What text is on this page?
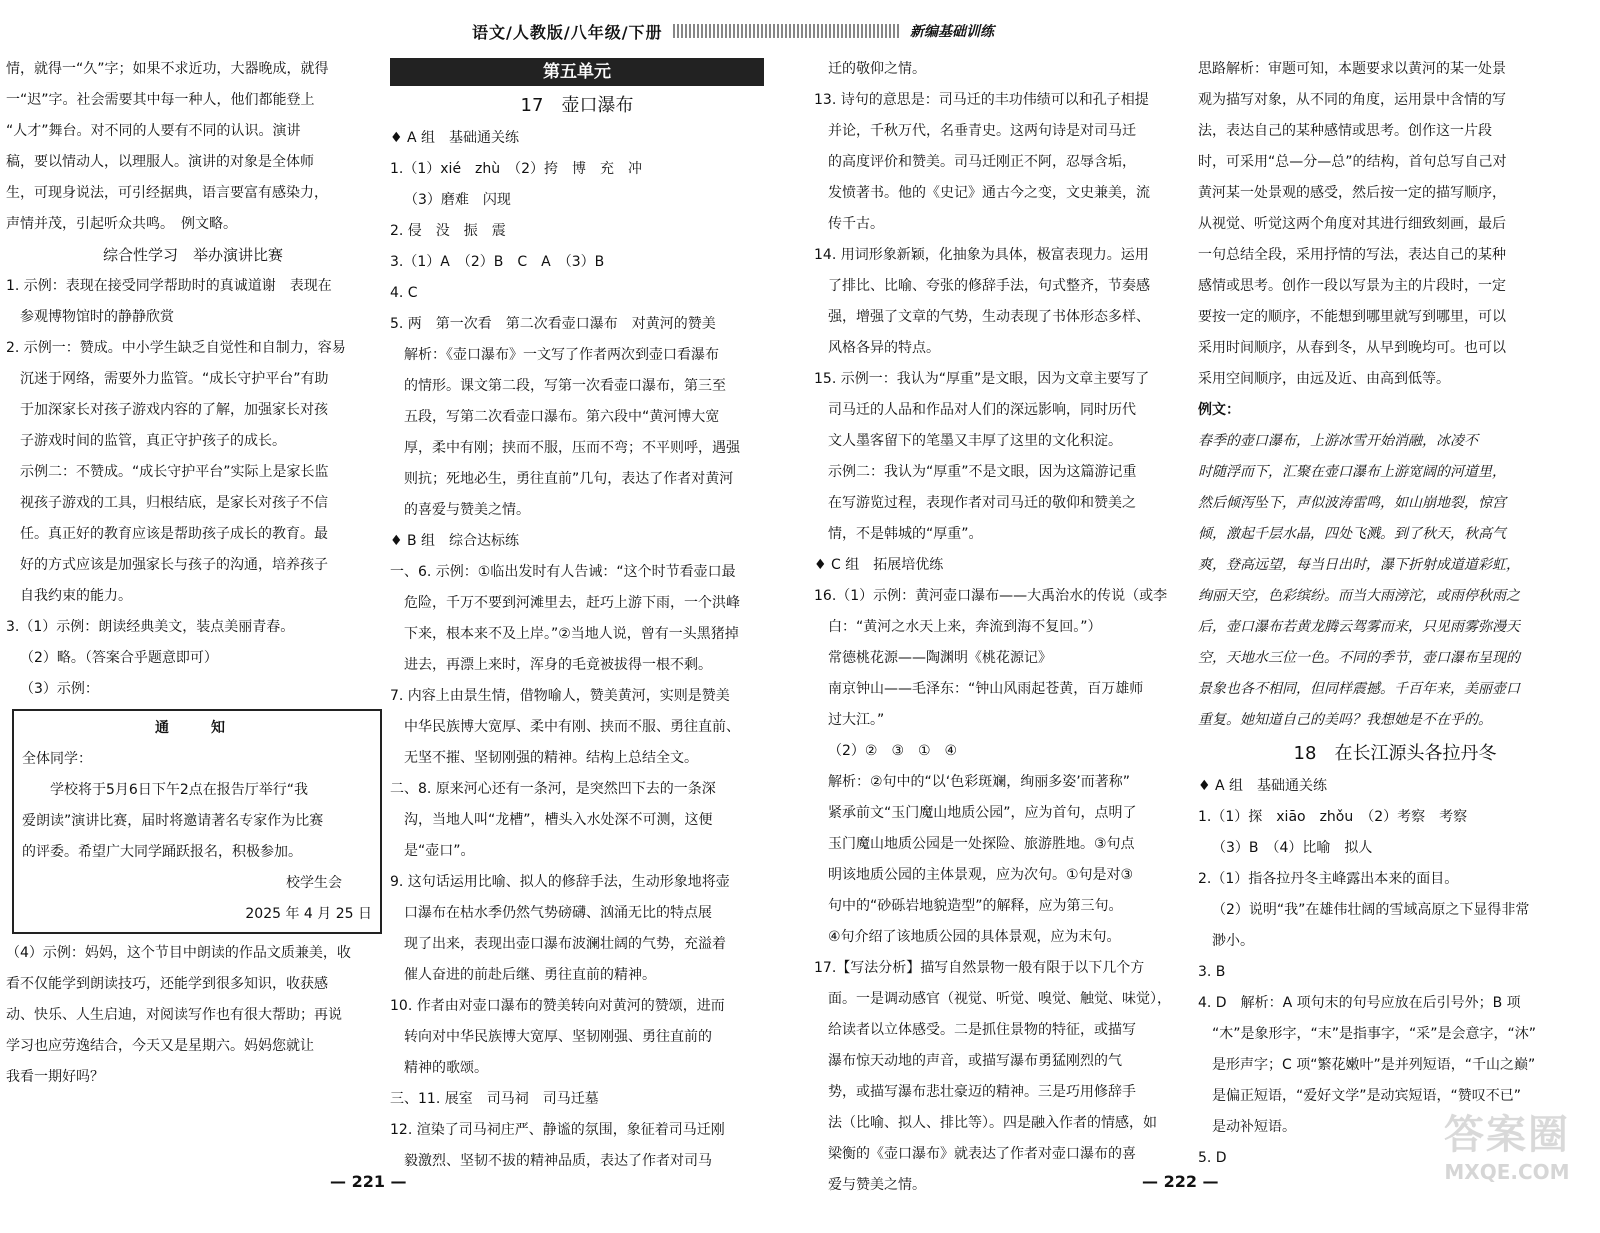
语文/人教版/八年级/下册	新编基础训练

情，就得一“久”字；如果不求近功，大器晚成，就得

一“迟”字。社会需要其中每一种人，他们都能登上

“人才”舞台。对不同的人要有不同的认识。演讲

稿，要以情动人，以理服人。演讲的对象是全体师

生，可现身说法，可引经据典，语言要富有感染力，

声情并茂，引起听众共鸣。　例文略。

综合性学习　举办演讲比赛

1. 示例：表现在接受同学帮助时的真诚道谢　表现在

参观博物馆时的静静欣赏

2. 示例一：赞成。中小学生缺乏自觉性和自制力，容易

沉迷于网络，需要外力监管。“成长守护平台”有助

于加深家长对孩子游戏内容的了解，加强家长对孩

子游戏时间的监管，真正守护孩子的成长。

示例二：不赞成。“成长守护平台”实际上是家长监

视孩子游戏的工具，归根结底，是家长对孩子不信

任。真正好的教育应该是帮助孩子成长的教育。最

好的方式应该是加强家长与孩子的沟通，培养孩子

自我约束的能力。

3.（1）示例：朗读经典美文，装点美丽青春。

（2）略。（答案合乎题意即可）

（3）示例：

通　知

全体同学：

学校将于5月6日下午2点在报告厅举行“我

爱朗读”演讲比赛，届时将邀请著名专家作为比赛

的评委。希望广大同学踊跃报名，积极参加。

校学生会

2025 年 4 月 25 日

（4）示例：妈妈，这个节目中朗读的作品文质兼美，收

看不仅能学到朗读技巧，还能学到很多知识，收获感

动、快乐、人生启迪，对阅读写作也有很大帮助；再说

学习也应劳逸结合，今天又是星期六。妈妈您就让

我看一期好吗？

第五单元
17　壶口瀑布

♦ A 组　基础通关练

1.（1）xié　zhù　（2）挎　博　充　冲

（3）磨难　闪现

2. 侵　没　振　震

3.（1）A　（2）B　C　A　（3）B

4. C

5. 两　第一次看　第二次看壶口瀑布　对黄河的赞美

解析：《壶口瀑布》一文写了作者两次到壶口看瀑布

的情形。课文第二段，写第一次看壶口瀑布，第三至

五段，写第二次看壶口瀑布。第六段中“黄河博大宽

厚，柔中有刚；挟而不服，压而不弯；不平则呼，遇强

则抗；死地必生，勇往直前”几句，表达了作者对黄河

的喜爱与赞美之情。

♦ B 组　综合达标练

一、6. 示例：①临出发时有人告诫：“这个时节看壶口最

危险，千万不要到河滩里去，赶巧上游下雨，一个洪峰

下来，根本来不及上岸。”②当地人说，曾有一头黑猪掉

进去，再漂上来时，浑身的毛竟被拔得一根不剩。

7. 内容上由景生情，借物喻人，赞美黄河，实则是赞美

中华民族博大宽厚、柔中有刚、挟而不服、勇往直前、

无坚不摧、坚韧刚强的精神。结构上总结全文。

二、8. 原来河心还有一条河，是突然凹下去的一条深

沟，当地人叫“龙槽”，槽头入水处深不可测，这便

是“壶口”。

9. 这句话运用比喻、拟人的修辞手法，生动形象地将壶

口瀑布在枯水季仍然气势磅礴、汹涌无比的特点展

现了出来，表现出壶口瀑布波澜壮阔的气势，充溢着

催人奋进的前赴后继、勇往直前的精神。

10. 作者由对壶口瀑布的赞美转向对黄河的赞颂，进而

转向对中华民族博大宽厚、坚韧刚强、勇往直前的

精神的歌颂。

三、11. 展室　司马祠　司马迁墓

12. 渲染了司马祠庄严、静谧的氛围，象征着司马迁刚

毅激烈、坚韧不拔的精神品质，表达了作者对司马

迁的敬仰之情。

13. 诗句的意思是：司马迁的丰功伟绩可以和孔子相提

并论，千秋万代，名垂青史。这两句诗是对司马迁

的高度评价和赞美。司马迁刚正不阿，忍辱含垢，

发愤著书。他的《史记》通古今之变，文史兼美，流

传千古。

14. 用词形象新颖，化抽象为具体，极富表现力。运用

了排比、比喻、夸张的修辞手法，句式整齐，节奏感

强，增强了文章的气势，生动表现了书体形态多样、

风格各异的特点。

15. 示例一：我认为“厚重”是文眼，因为文章主要写了

司马迁的人品和作品对人们的深远影响，同时历代

文人墨客留下的笔墨又丰厚了这里的文化积淀。

示例二：我认为“厚重”不是文眼，因为这篇游记重

在写游览过程，表现作者对司马迁的敬仰和赞美之

情，不是韩城的“厚重”。

♦ C 组　拓展培优练

16.（1）示例：黄河壶口瀑布——大禹治水的传说（或李

白：“黄河之水天上来，奔流到海不复回。”）

常德桃花源——陶渊明《桃花源记》

南京钟山——毛泽东：“钟山风雨起苍黄，百万雄师

过大江。”

（2）②　③　①　④

解析：②句中的“以‘色彩斑斓，绚丽多姿’而著称”

紧承前文“玉门魔山地质公园”，应为首句，点明了

玉门魔山地质公园是一处探险、旅游胜地。③句点

明该地质公园的主体景观，应为次句。①句是对③

句中的“砂砾岩地貌造型”的解释，应为第三句。

④句介绍了该地质公园的具体景观，应为末句。

17.【写法分析】描写自然景物一般有限于以下几个方

面。一是调动感官（视觉、听觉、嗅觉、触觉、味觉），

给读者以立体感受。二是抓住景物的特征，或描写

瀑布惊天动地的声音，或描写瀑布勇猛刚烈的气

势，或描写瀑布悲壮豪迈的精神。三是巧用修辞手

法（比喻、拟人、排比等）。四是融入作者的情感，如

梁衡的《壶口瀑布》就表达了作者对壶口瀑布的喜

爱与赞美之情。

思路解析：审题可知，本题要求以黄河的某一处景

观为描写对象，从不同的角度，运用景中含情的写

法，表达自己的某种感情或思考。创作这一片段

时，可采用“总—分—总”的结构，首句总写自己对

黄河某一处景观的感受，然后按一定的描写顺序，

从视觉、听觉这两个角度对其进行细致刻画，最后

一句总结全段，采用抒情的写法，表达自己的某种

感情或思考。创作一段以写景为主的片段时，一定

要按一定的顺序，不能想到哪里就写到哪里，可以

采用时间顺序，从春到冬，从早到晚均可。也可以

采用空间顺序，由远及近、由高到低等。

例文：

春季的壶口瀑布，上游冰雪开始消融，冰凌不

时随浮而下，汇聚在壶口瀑布上游宽阔的河道里，

然后倾泻坠下，声似波涛雷鸣，如山崩地裂，惊宫

倾，激起千层水晶，四处飞溅。到了秋天，秋高气

爽，登高远望，每当日出时，瀑下折射成道道彩虹，

绚丽天空，色彩缤纷。而当大雨滂沱，或雨停秋雨之

后，壶口瀑布若黄龙腾云驾雾而来，只见雨雾弥漫天

空，天地水三位一色。不同的季节，壶口瀑布呈现的

景象也各不相同，但同样震撼。千百年来，美丽壶口

重复。她知道自己的美吗？我想她是不在乎的。

18　在长江源头各拉丹冬

♦ A 组　基础通关练

1.（1）探　xiāo　zhǒu　（2）考察　考察

（3）B　（4）比喻　拟人

2.（1）指各拉丹冬主峰露出本来的面目。

（2）说明“我”在雄伟壮阔的雪域高原之下显得非常

渺小。

3. B

4. D　解析：A 项句末的句号应放在后引号外；B 项

“木”是象形字，“末”是指事字，“采”是会意字，“沐”

是形声字；C 项“繁花嫩叶”是并列短语，“千山之巅”

是偏正短语，“爱好文学”是动宾短语，“赞叹不已”

是动补短语。

5. D

— 221 —	— 222 —
答案圈
MXQE.COM
